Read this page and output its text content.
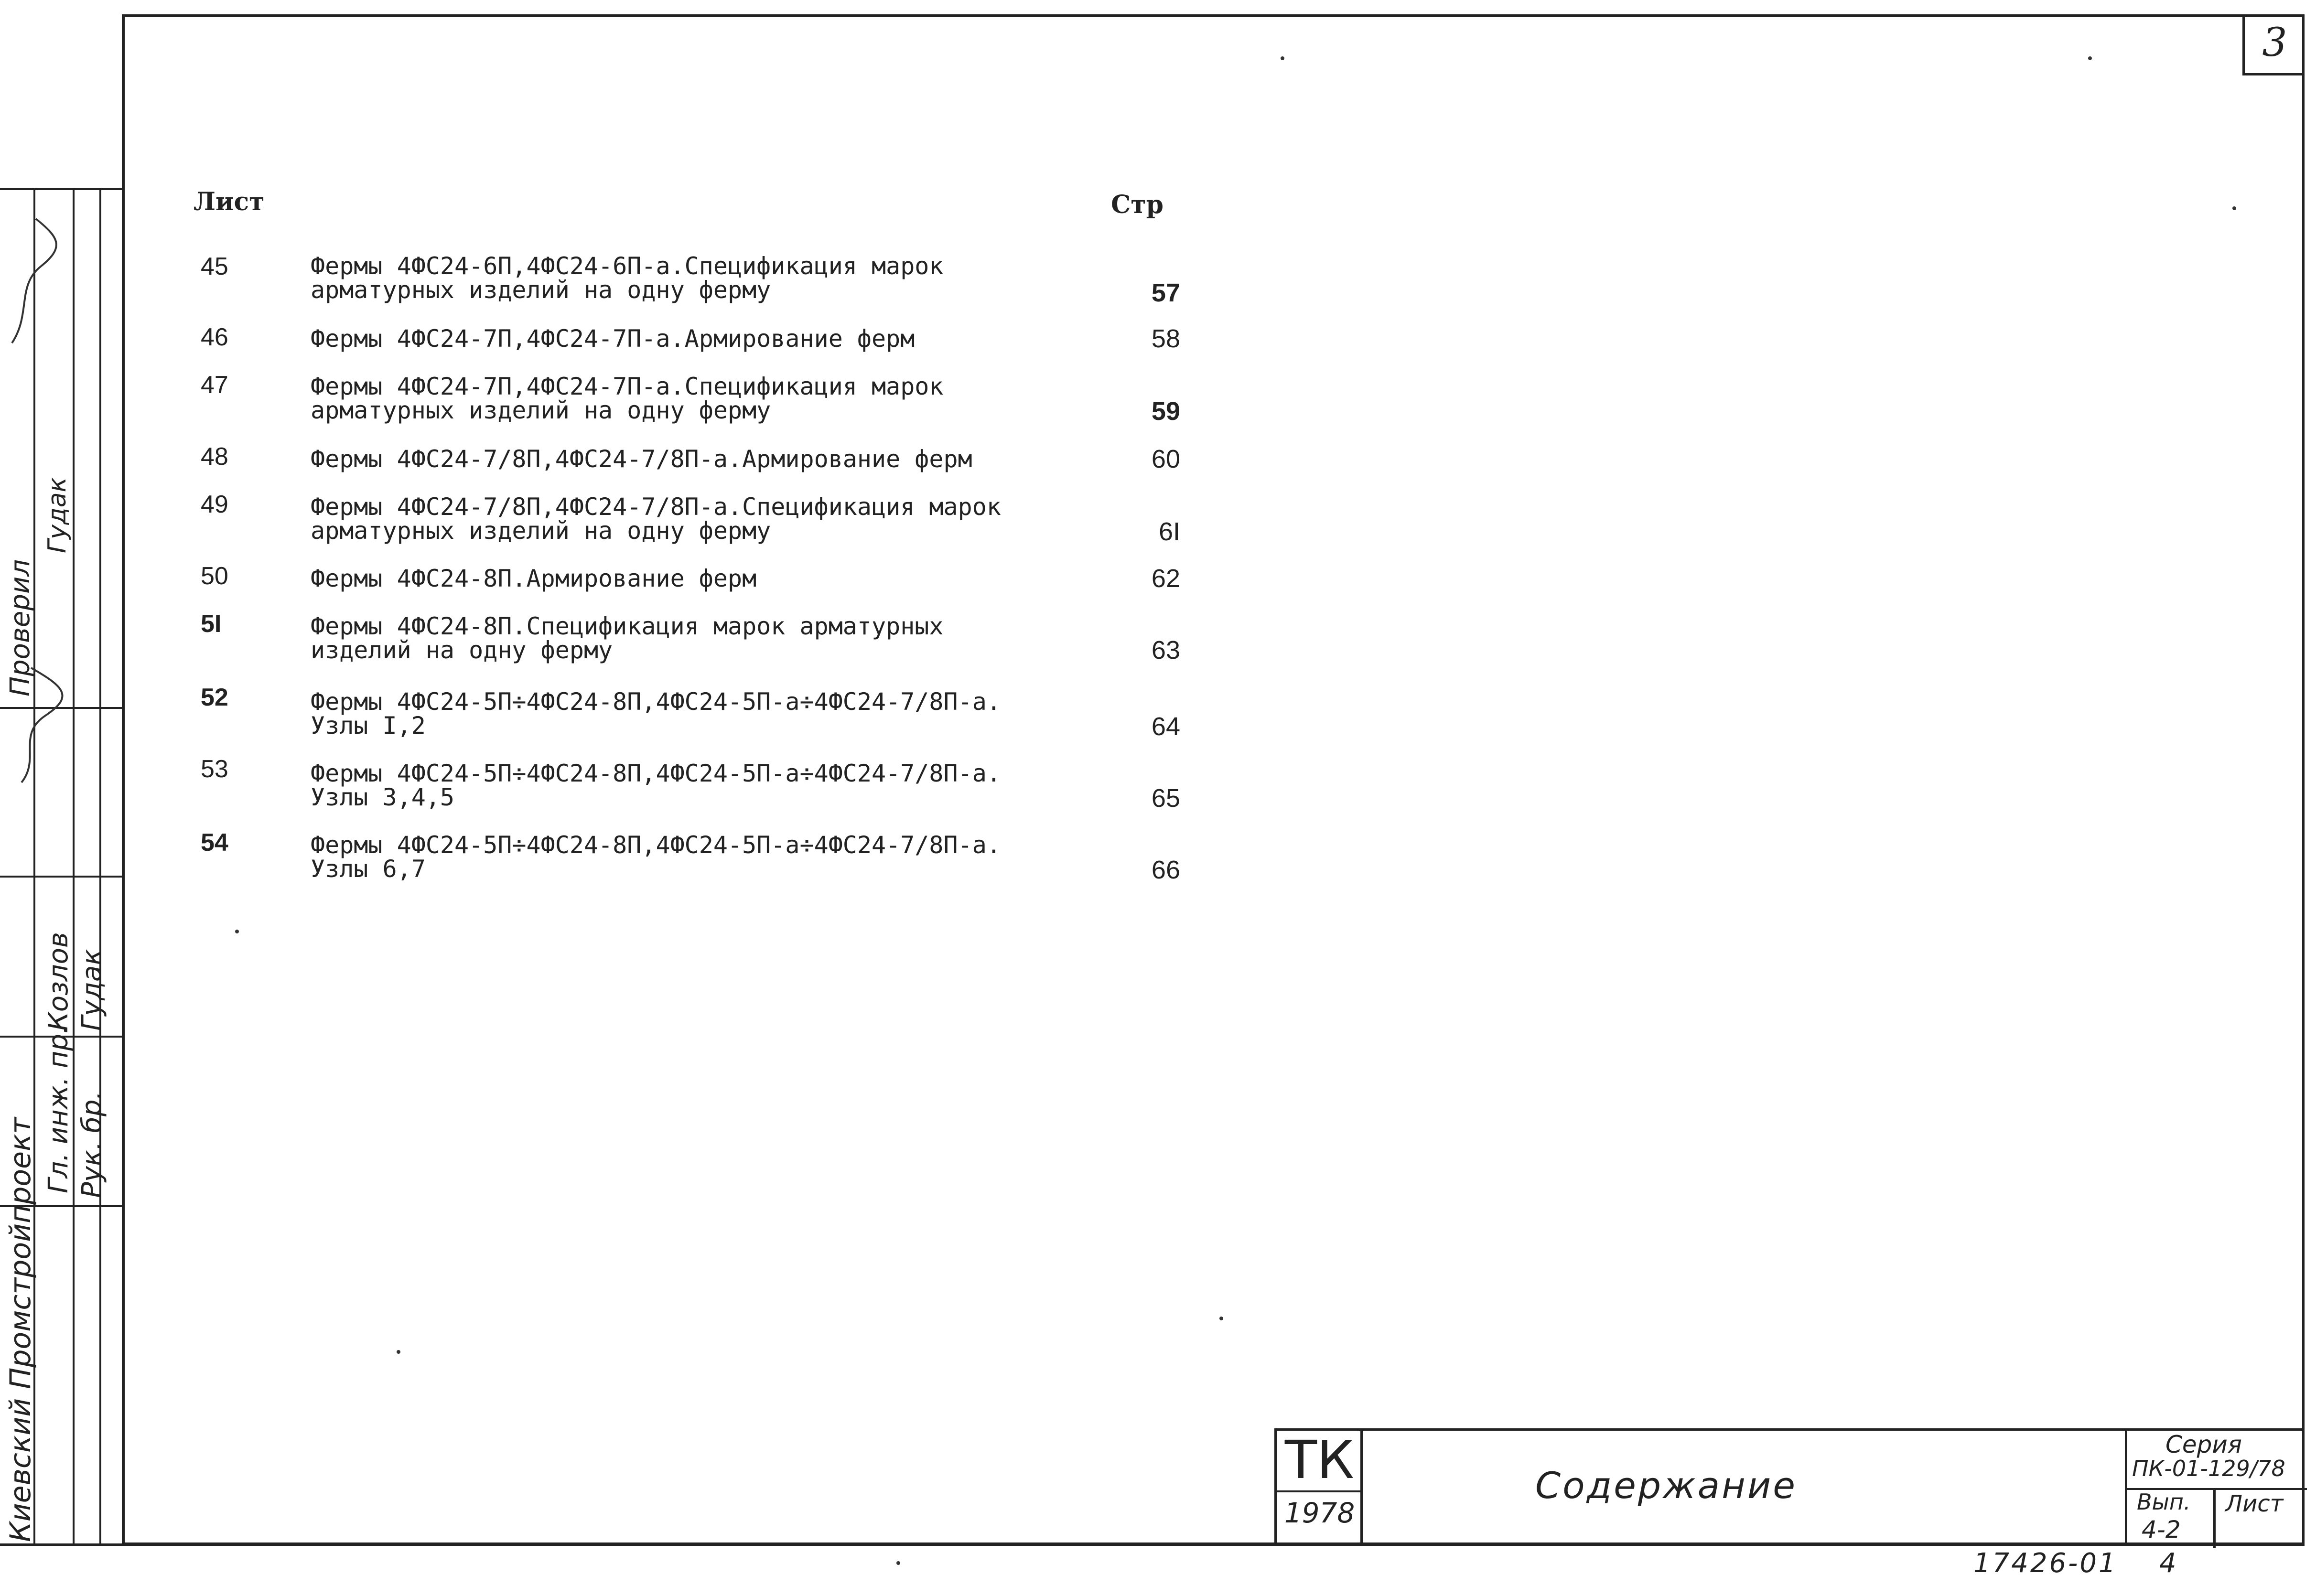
3
Лист	Стр
45	Фермы 4ФС24-6П,4ФС24-6П-а.Спецификация марок
арматурных изделий на одну ферму	57
46	Фермы 4ФС24-7П,4ФС24-7П-а.Армирование ферм	58
47	Фермы 4ФС24-7П,4ФС24-7П-а.Спецификация марок
арматурных изделий на одну ферму	59
48	Фермы 4ФС24-7/8П,4ФС24-7/8П-а.Армирование ферм	60
49	Фермы 4ФС24-7/8П,4ФС24-7/8П-а.Спецификация марок
арматурных изделий на одну ферму	6I
50	Фермы 4ФС24-8П.Армирование ферм	62
5I	Фермы 4ФС24-8П.Спецификация марок арматурных
изделий на одну ферму	63
52	Фермы 4ФС24-5П÷4ФС24-8П,4ФС24-5П-а÷4ФС24-7/8П-а.
Узлы I,2	64
53	Фермы 4ФС24-5П÷4ФС24-8П,4ФС24-5П-а÷4ФС24-7/8П-а.
Узлы 3,4,5	65
54	Фермы 4ФС24-5П÷4ФС24-8П,4ФС24-5П-а÷4ФС24-7/8П-а.
Узлы 6,7	66
Киевский Промстройпроект
Гл. инж. пр. Рук. бр.
Козлов Гудак
Проверил
Гудак
ТК
1978
Содержание
Серия
ПК-01-129/78
Вып.
4-2
Лист
17426-01 4
